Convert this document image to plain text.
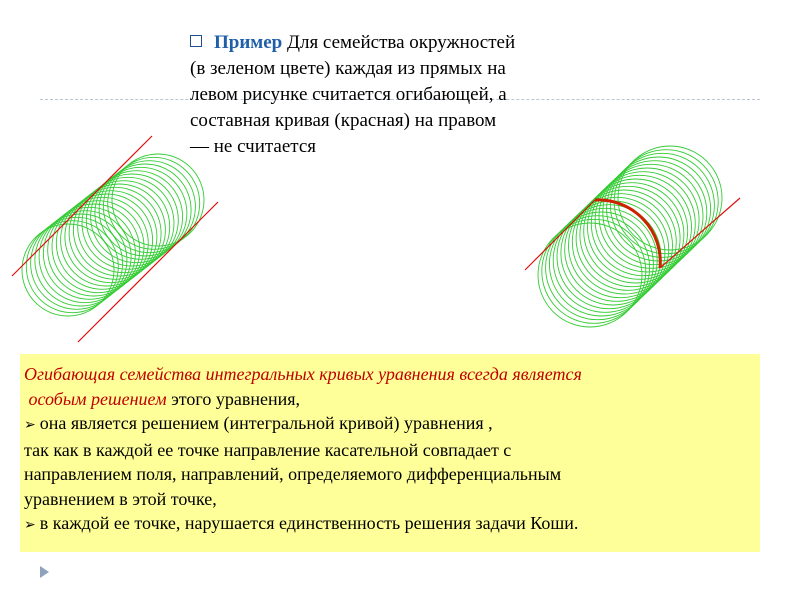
Пример Для семейства окружностей
(в зеленом цвете) каждая из прямых на
левом рисунке считается огибающей, а
составная кривая (красная) на правом
— не считается
Огибающая семейства интегральных кривых уравнения всегда является
особым решением этого уравнения,
➢ она является решением (интегральной кривой) уравнения ,
так как в каждой ее точке направление касательной совпадает с
направлением поля, направлений, определяемого дифференциальным
уравнением в этой точке,
➢ в каждой ее точке, нарушается единственность решения задачи Коши.
